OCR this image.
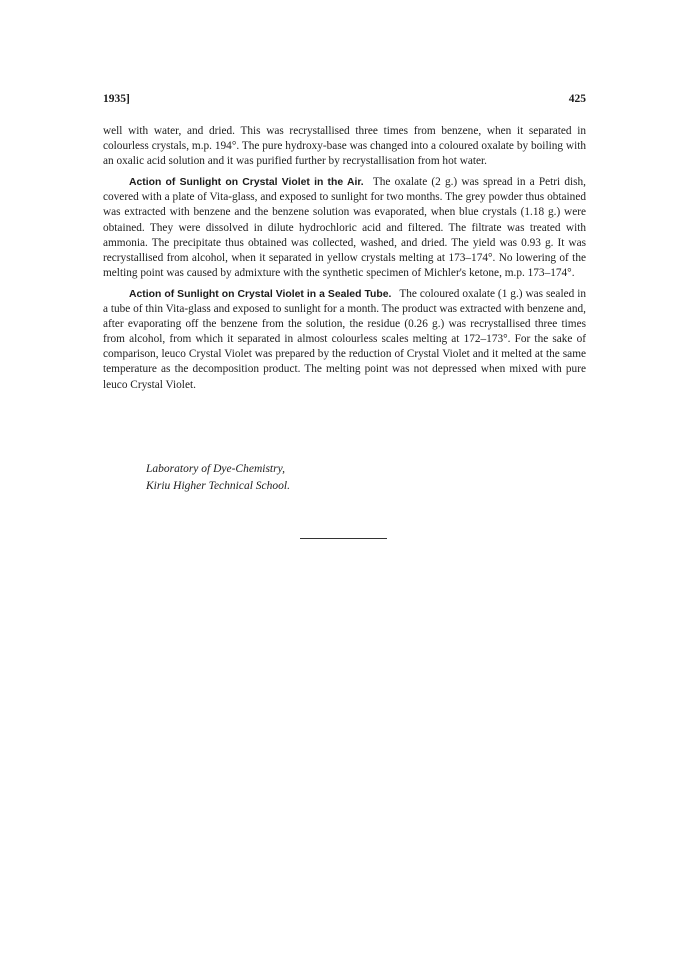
1935]	425

well with water, and dried. This was recrystallised three times from benzene, when it separated in colourless crystals, m.p. 194°. The pure hydroxy-base was changed into a coloured oxalate by boiling with an oxalic acid solution and it was purified further by recrystallisation from hot water.

Action of Sunlight on Crystal Violet in the Air.  The oxalate (2 g.) was spread in a Petri dish, covered with a plate of Vita-glass, and exposed to sunlight for two months. The grey powder thus obtained was extracted with benzene and the benzene solution was evaporated, when blue crystals (1.18 g.) were obtained. They were dissolved in dilute hydrochloric acid and filtered. The filtrate was treated with ammonia. The precipitate thus obtained was collected, washed, and dried. The yield was 0.93 g. It was recrystallised from alcohol, when it separated in yellow crystals melting at 173–174°. No lowering of the melting point was caused by admixture with the synthetic specimen of Michler's ketone, m.p. 173–174°.

Action of Sunlight on Crystal Violet in a Sealed Tube.  The coloured oxalate (1 g.) was sealed in a tube of thin Vita-glass and exposed to sunlight for a month. The product was extracted with benzene and, after evaporating off the benzene from the solution, the residue (0.26 g.) was recrystallised three times from alcohol, from which it separated in almost colourless scales melting at 172–173°. For the sake of comparison, leuco Crystal Violet was prepared by the reduction of Crystal Violet and it melted at the same temperature as the decomposition product. The melting point was not depressed when mixed with pure leuco Crystal Violet.

Laboratory of Dye-Chemistry,
Kiriu Higher Technical School.
